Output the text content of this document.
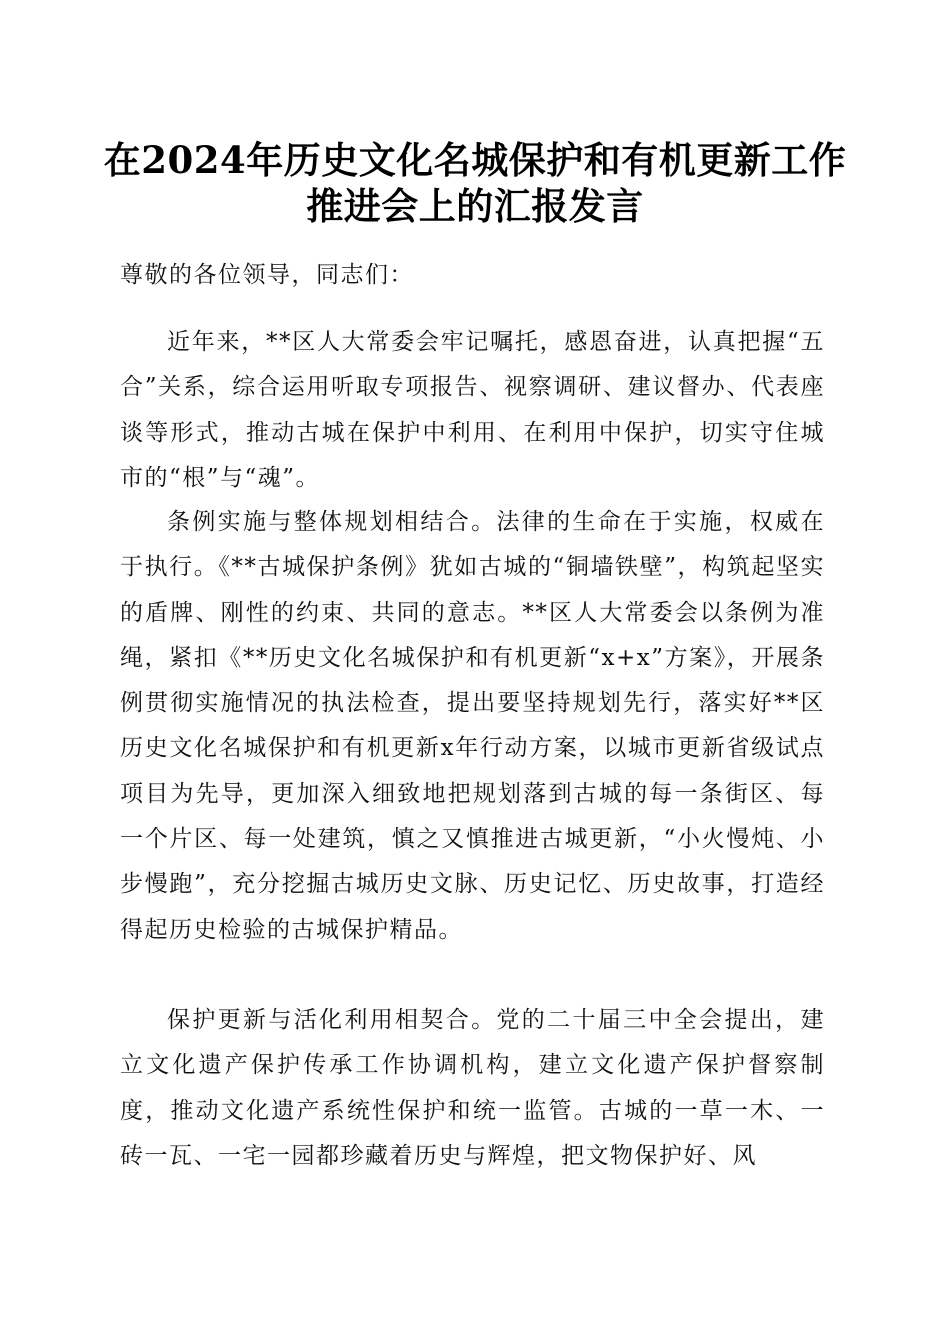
在2024年历史文化名城保护和有机更新工作
推进会上的汇报发言

尊敬的各位领导，同志们：

近年来，**区人大常委会牢记嘱托，感恩奋进，认真把握“五合”关系，综合运用听取专项报告、视察调研、建议督办、代表座谈等形式，推动古城在保护中利用、在利用中保护，切实守住城市的“根”与“魂”。

条例实施与整体规划相结合。法律的生命在于实施，权威在于执行。《**古城保护条例》犹如古城的“铜墙铁壁”，构筑起坚实的盾牌、刚性的约束、共同的意志。**区人大常委会以条例为准绳，紧扣《**历史文化名城保护和有机更新“x+x”方案》，开展条例贯彻实施情况的执法检查，提出要坚持规划先行，落实好**区历史文化名城保护和有机更新x年行动方案，以城市更新省级试点项目为先导，更加深入细致地把规划落到古城的每一条街区、每一个片区、每一处建筑，慎之又慎推进古城更新，“小火慢炖、小步慢跑”，充分挖掘古城历史文脉、历史记忆、历史故事，打造经得起历史检验的古城保护精品。

保护更新与活化利用相契合。党的二十届三中全会提出，建立文化遗产保护传承工作协调机构，建立文化遗产保护督察制度，推动文化遗产系统性保护和统一监管。古城的一草一木、一砖一瓦、一宅一园都珍藏着历史与辉煌，把文物保护好、风
